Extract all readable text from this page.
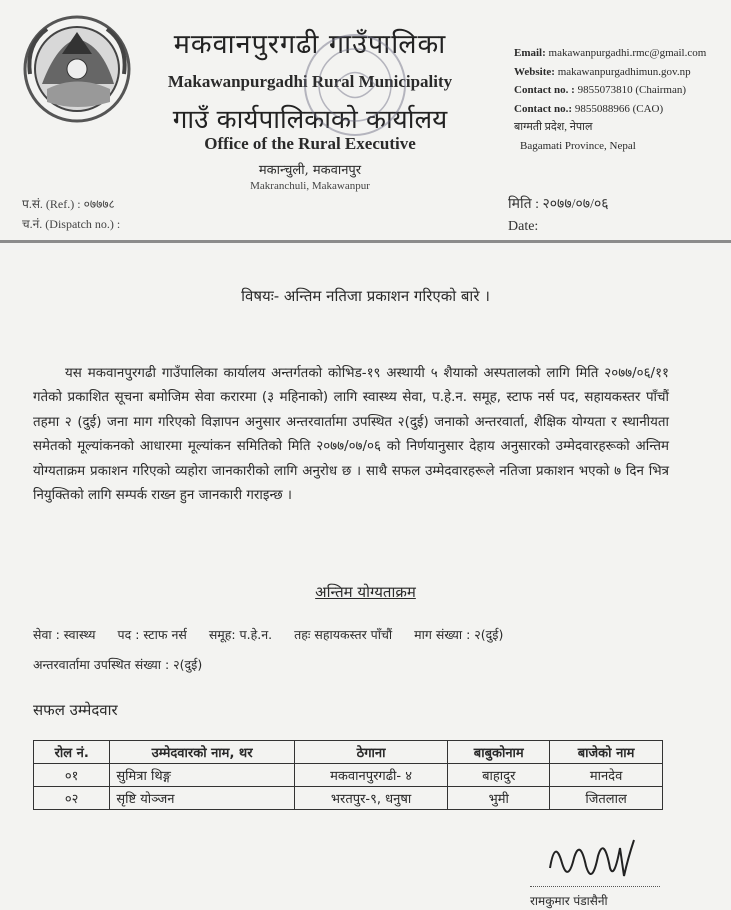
मकवानपुरगढी गाउँपालिका
Makawanpurgadhi Rural Municipality
गाउँ कार्यपालिकाको कार्यालय
Office of the Rural Executive
मकान्चुली, मकवानपुर
Makranchuli, Makawanpur
Email: makawanpurgadhi.rmc@gmail.com
Website: makawanpurgadhimun.gov.np
Contact no. : 9855073810 (Chairman)
Contact no.: 9855088966 (CAO)
बाग्मती प्रदेश, नेपाल
Bagamati Province, Nepal
प.सं. (Ref.) : ०७७७८
च.नं. (Dispatch no.) :
मिति : २०७७/०७/०६
Date:
विषयः- अन्तिम नतिजा प्रकाशन गरिएको बारे ।
यस मकवानपुरगढी गाउँपालिका कार्यालय अन्तर्गतको कोभिड-१९ अस्थायी ५ शैयाको अस्पतालको लागि मिति २०७७/०६/११ गतेको प्रकाशित सूचना बमोजिम सेवा करारमा (३ महिनाको) लागि स्वास्थ्य सेवा, प.हे.न. समूह, स्टाफ नर्स पद, सहायकस्तर पाँचौं तहमा २ (दुई) जना माग गरिएको विज्ञापन अनुसार अन्तरवार्तामा उपस्थित २(दुई) जनाको अन्तरवार्ता, शैक्षिक योग्यता र स्थानीयता समेतको मूल्यांकनको आधारमा मूल्यांकन समितिको मिति २०७७/०७/०६ को निर्णयानुसार देहाय अनुसारको उम्मेदवारहरूको अन्तिम योग्यताक्रम प्रकाशन गरिएको व्यहोरा जानकारीको लागि अनुरोध छ । साथै सफल उम्मेदवारहरूले नतिजा प्रकाशन भएको ७ दिन भित्र नियुक्तिको लागि सम्पर्क राख्न हुन जानकारी गराइन्छ ।
अन्तिम योग्यताक्रम
सेवा : स्वास्थ्य पद : स्टाफ नर्स समूह: प.हे.न. तहः सहायकस्तर पाँचौं माग संख्या : २(दुई)
अन्तरवार्तामा उपस्थित संख्या : २(दुई)
सफल उम्मेदवार
रोल नं.	उम्मेदवारको नाम, थर	ठेगाना	बाबुकोनाम	बाजेको नाम
०१	सुमित्रा थिङ्ग	मकवानपुरगढी- ४	बाहादुर	मानदेव
०२	सृष्टि योञ्जन	भरतपुर-९, धनुषा	भुमी	जितलाल
रामकुमार पंडासैनी
